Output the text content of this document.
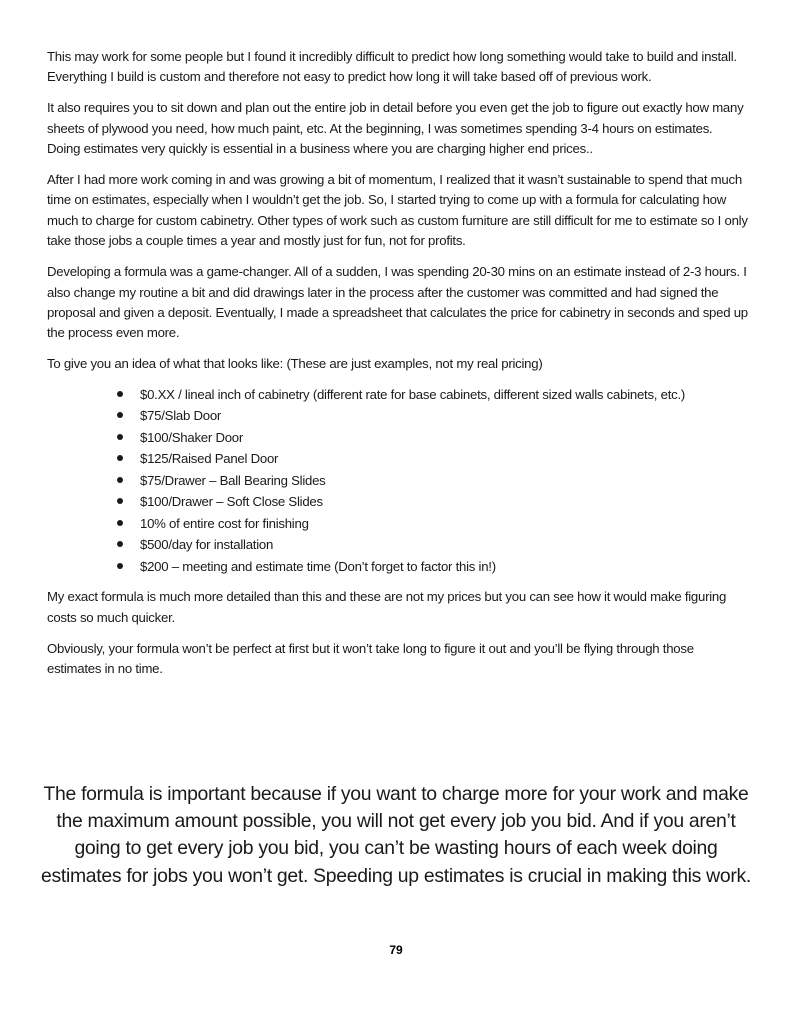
This may work for some people but I found it incredibly difficult to predict how long something would take to build and install. Everything I build is custom and therefore not easy to predict how long it will take based off of previous work.

It also requires you to sit down and plan out the entire job in detail before you even get the job to figure out exactly how many sheets of plywood you need, how much paint, etc. At the beginning, I was sometimes spending 3-4 hours on estimates. Doing estimates very quickly is essential in a business where you are charging higher end prices..

After I had more work coming in and was growing a bit of momentum, I realized that it wasn’t sustainable to spend that much time on estimates, especially when I wouldn’t get the job. So, I started trying to come up with a formula for calculating how much to charge for custom cabinetry. Other types of work such as custom furniture are still difficult for me to estimate so I only take those jobs a couple times a year and mostly just for fun, not for profits.

Developing a formula was a game-changer. All of a sudden, I was spending 20-30 mins on an estimate instead of 2-3 hours. I also change my routine a bit and did drawings later in the process after the customer was committed and had signed the proposal and given a deposit. Eventually, I made a spreadsheet that calculates the price for cabinetry in seconds and sped up the process even more.

To give you an idea of what that looks like: (These are just examples, not my real pricing)

$0.XX / lineal inch of cabinetry (different rate for base cabinets, different sized walls cabinets, etc.)
$75/Slab Door
$100/Shaker Door
$125/Raised Panel Door
$75/Drawer – Ball Bearing Slides
$100/Drawer – Soft Close Slides
10% of entire cost for finishing
$500/day for installation
$200 – meeting and estimate time (Don’t forget to factor this in!)

My exact formula is much more detailed than this and these are not my prices but you can see how it would make figuring costs so much quicker.

Obviously, your formula won’t be perfect at first but it won’t take long to figure it out and you’ll be flying through those estimates in no time.

The formula is important because if you want to charge more for your work and make the maximum amount possible, you will not get every job you bid. And if you aren’t going to get every job you bid, you can’t be wasting hours of each week doing estimates for jobs you won’t get. Speeding up estimates is crucial in making this work.

79
